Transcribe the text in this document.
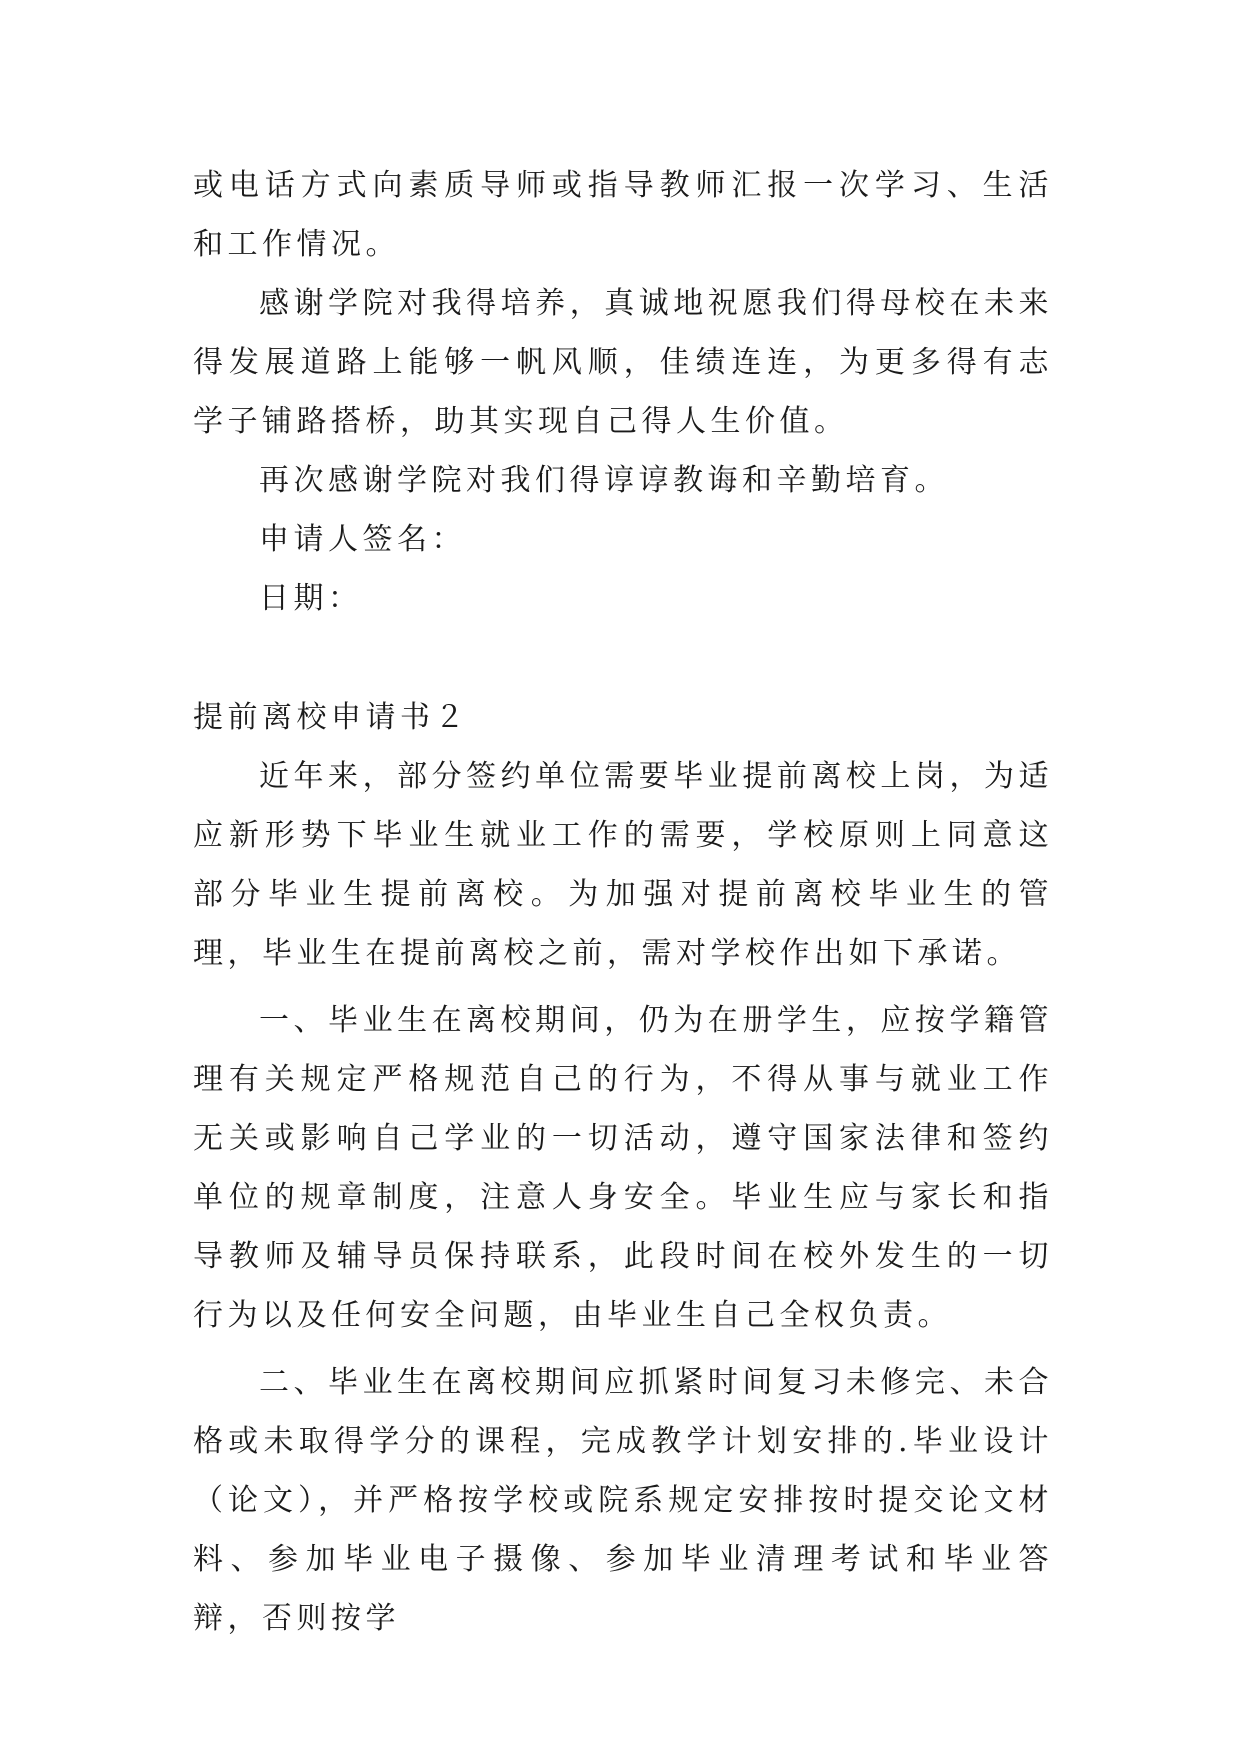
或电话方式向素质导师或指导教师汇报一次学习、生活和工作情况。

感谢学院对我得培养，真诚地祝愿我们得母校在未来得发展道路上能够一帆风顺，佳绩连连，为更多得有志学子铺路搭桥，助其实现自己得人生价值。

再次感谢学院对我们得谆谆教诲和辛勤培育。

申请人签名：

日期：

提前离校申请书２

近年来，部分签约单位需要毕业提前离校上岗，为适应新形势下毕业生就业工作的需要，学校原则上同意这部分毕业生提前离校。为加强对提前离校毕业生的管理，毕业生在提前离校之前，需对学校作出如下承诺。

一、毕业生在离校期间，仍为在册学生，应按学籍管理有关规定严格规范自己的行为，不得从事与就业工作无关或影响自己学业的一切活动，遵守国家法律和签约单位的规章制度，注意人身安全。毕业生应与家长和指导教师及辅导员保持联系，此段时间在校外发生的一切行为以及任何安全问题，由毕业生自己全权负责。

二、毕业生在离校期间应抓紧时间复习未修完、未合格或未取得学分的课程，完成教学计划安排的.毕业设计（论文），并严格按学校或院系规定安排按时提交论文材料、参加毕业电子摄像、参加毕业清理考试和毕业答辩，否则按学
